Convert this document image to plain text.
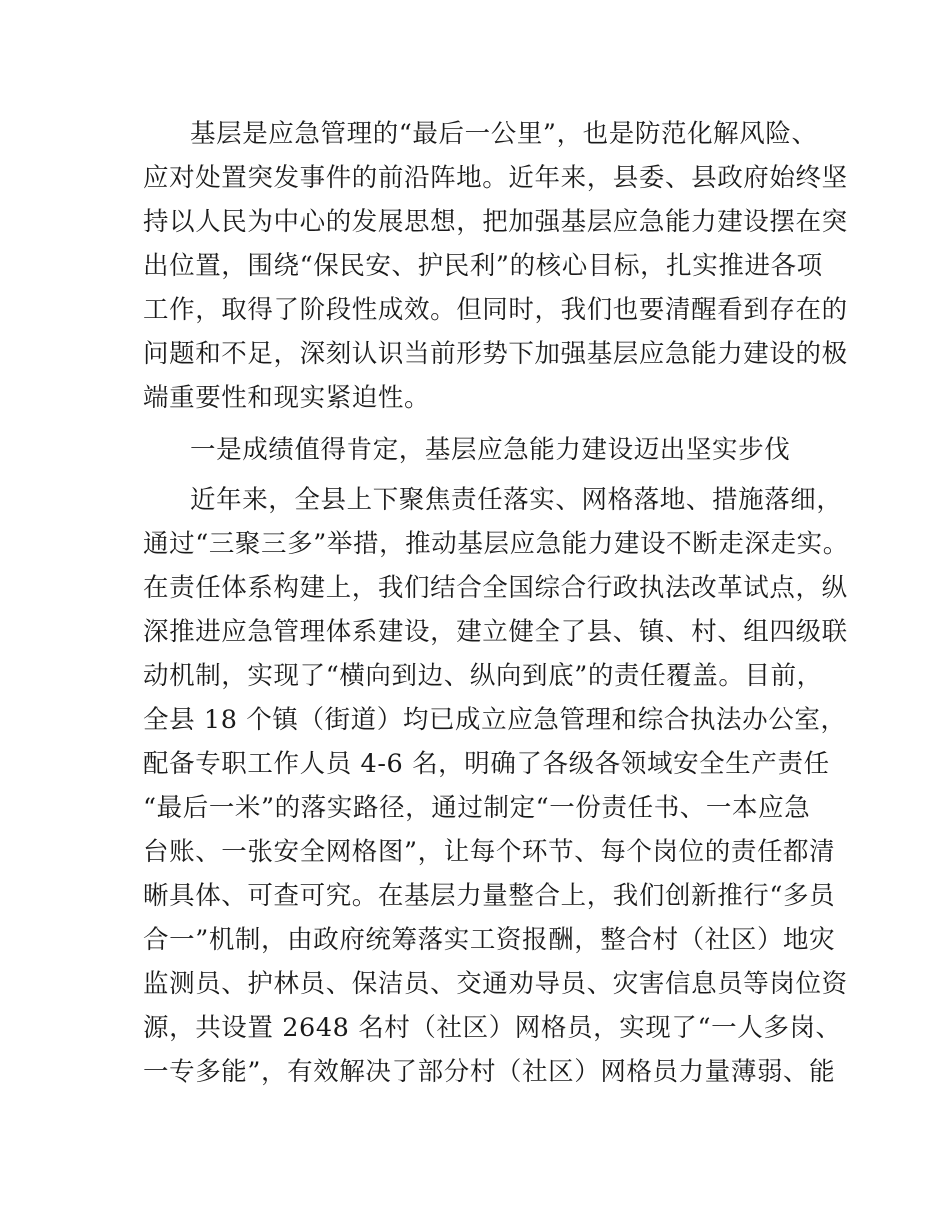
基层是应急管理的“最后一公里”，也是防范化解风险、
应对处置突发事件的前沿阵地。近年来，县委、县政府始终坚
持以人民为中心的发展思想，把加强基层应急能力建设摆在突
出位置，围绕“保民安、护民利”的核心目标，扎实推进各项
工作，取得了阶段性成效。但同时，我们也要清醒看到存在的
问题和不足，深刻认识当前形势下加强基层应急能力建设的极
端重要性和现实紧迫性。
一是成绩值得肯定，基层应急能力建设迈出坚实步伐
近年来，全县上下聚焦责任落实、网格落地、措施落细，
通过“三聚三多”举措，推动基层应急能力建设不断走深走实。
在责任体系构建上，我们结合全国综合行政执法改革试点，纵
深推进应急管理体系建设，建立健全了县、镇、村、组四级联
动机制，实现了“横向到边、纵向到底”的责任覆盖。目前，
全县 18 个镇（街道）均已成立应急管理和综合执法办公室，
配备专职工作人员 4-6 名，明确了各级各领域安全生产责任
“最后一米”的落实路径，通过制定“一份责任书、一本应急
台账、一张安全网格图”，让每个环节、每个岗位的责任都清
晰具体、可查可究。在基层力量整合上，我们创新推行“多员
合一”机制，由政府统筹落实工资报酬，整合村（社区）地灾
监测员、护林员、保洁员、交通劝导员、灾害信息员等岗位资
源，共设置 2648 名村（社区）网格员，实现了“一人多岗、
一专多能”，有效解决了部分村（社区）网格员力量薄弱、能
